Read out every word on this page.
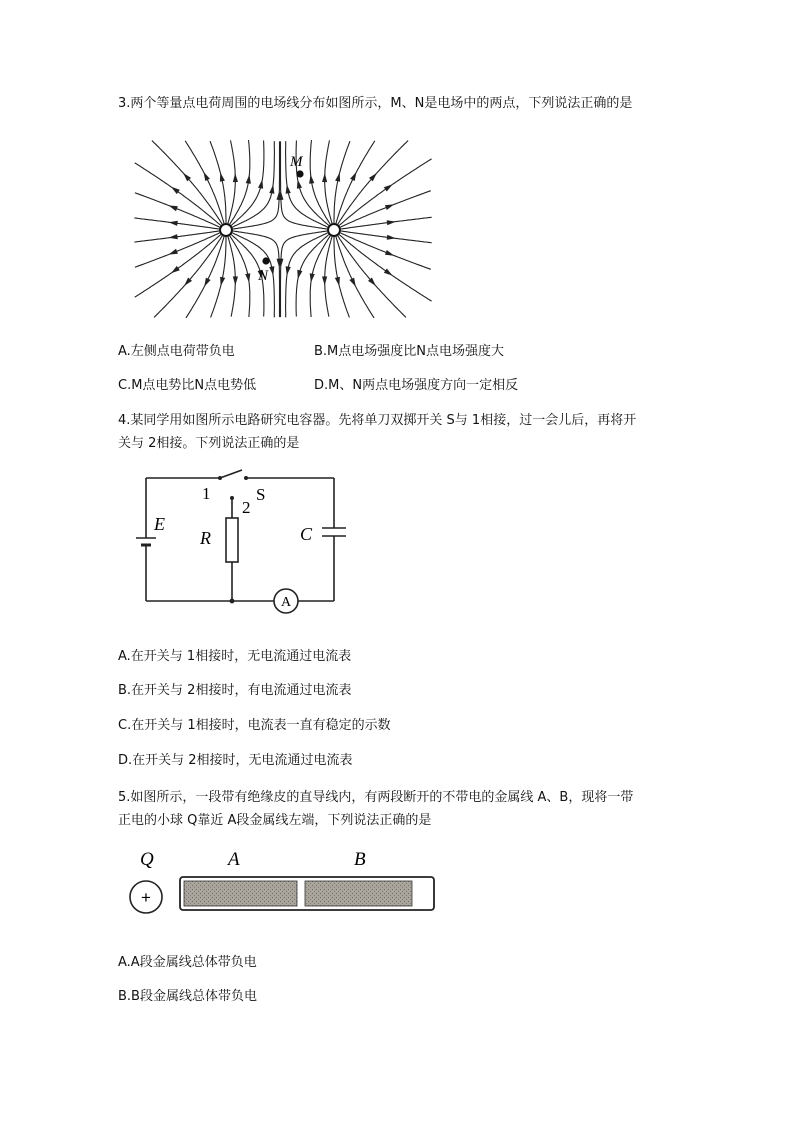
3.两个等量点电荷周围的电场线分布如图所示，M、N是电场中的两点，下列说法正确的是
M
N
A.左侧点电荷带负电	B.M点电场强度比N点电场强度大
C.M点电势比N点电势低	D.M、N两点电场强度方向一定相反
4.某同学用如图所示电路研究电容器。先将单刀双掷开关 S与 1相接，过一会儿后，再将开
关与 2相接。下列说法正确的是
1	S
2
E
R	C
A
A.在开关与 1相接时，无电流通过电流表
B.在开关与 2相接时，有电流通过电流表
C.在开关与 1相接时，电流表一直有稳定的示数
D.在开关与 2相接时，无电流通过电流表
5.如图所示，一段带有绝缘皮的直导线内，有两段断开的不带电的金属线 A、B，现将一带
正电的小球 Q靠近 A段金属线左端，下列说法正确的是
Q
+
A	B
A.A段金属线总体带负电
B.B段金属线总体带负电
